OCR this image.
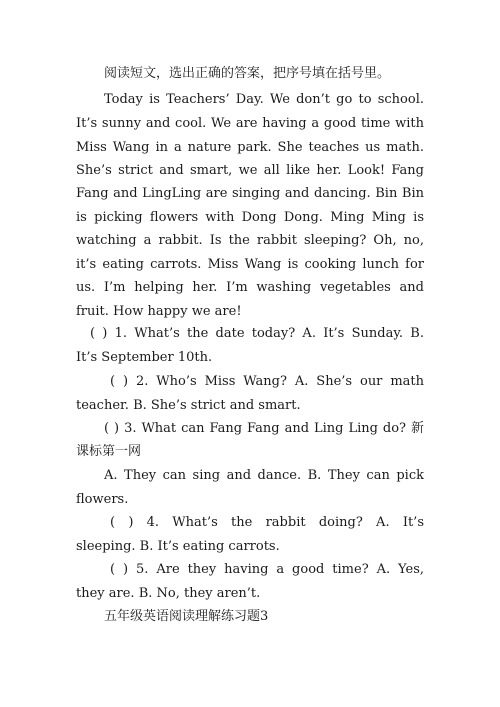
阅读短文，选出正确的答案，把序号填在括号里。
Today is Teachers’ Day. We don’t go to school.
It’s sunny and cool. We are having a good time with
Miss Wang in a nature park. She teaches us math.
She’s strict and smart, we all like her. Look! Fang
Fang and LingLing are singing and dancing. Bin Bin
is picking flowers with Dong Dong. Ming Ming is
watching a rabbit. Is the rabbit sleeping? Oh, no,
it’s eating carrots. Miss Wang is cooking lunch for
us. I’m helping her. I’m washing vegetables and
fruit. How happy we are!
( ) 1. What’s the date today? A. It’s Sunday. B.
It’s September 10th.
( ) 2. Who’s Miss Wang? A. She’s our math
teacher. B. She’s strict and smart.
( ) 3. What can Fang Fang and Ling Ling do? 新
课标第一网
A. They can sing and dance. B. They can pick
flowers.
( ) 4. What’s the rabbit doing? A. It’s
sleeping. B. It’s eating carrots.
( ) 5. Are they having a good time? A. Yes,
they are. B. No, they aren’t.
五年级英语阅读理解练习题3
